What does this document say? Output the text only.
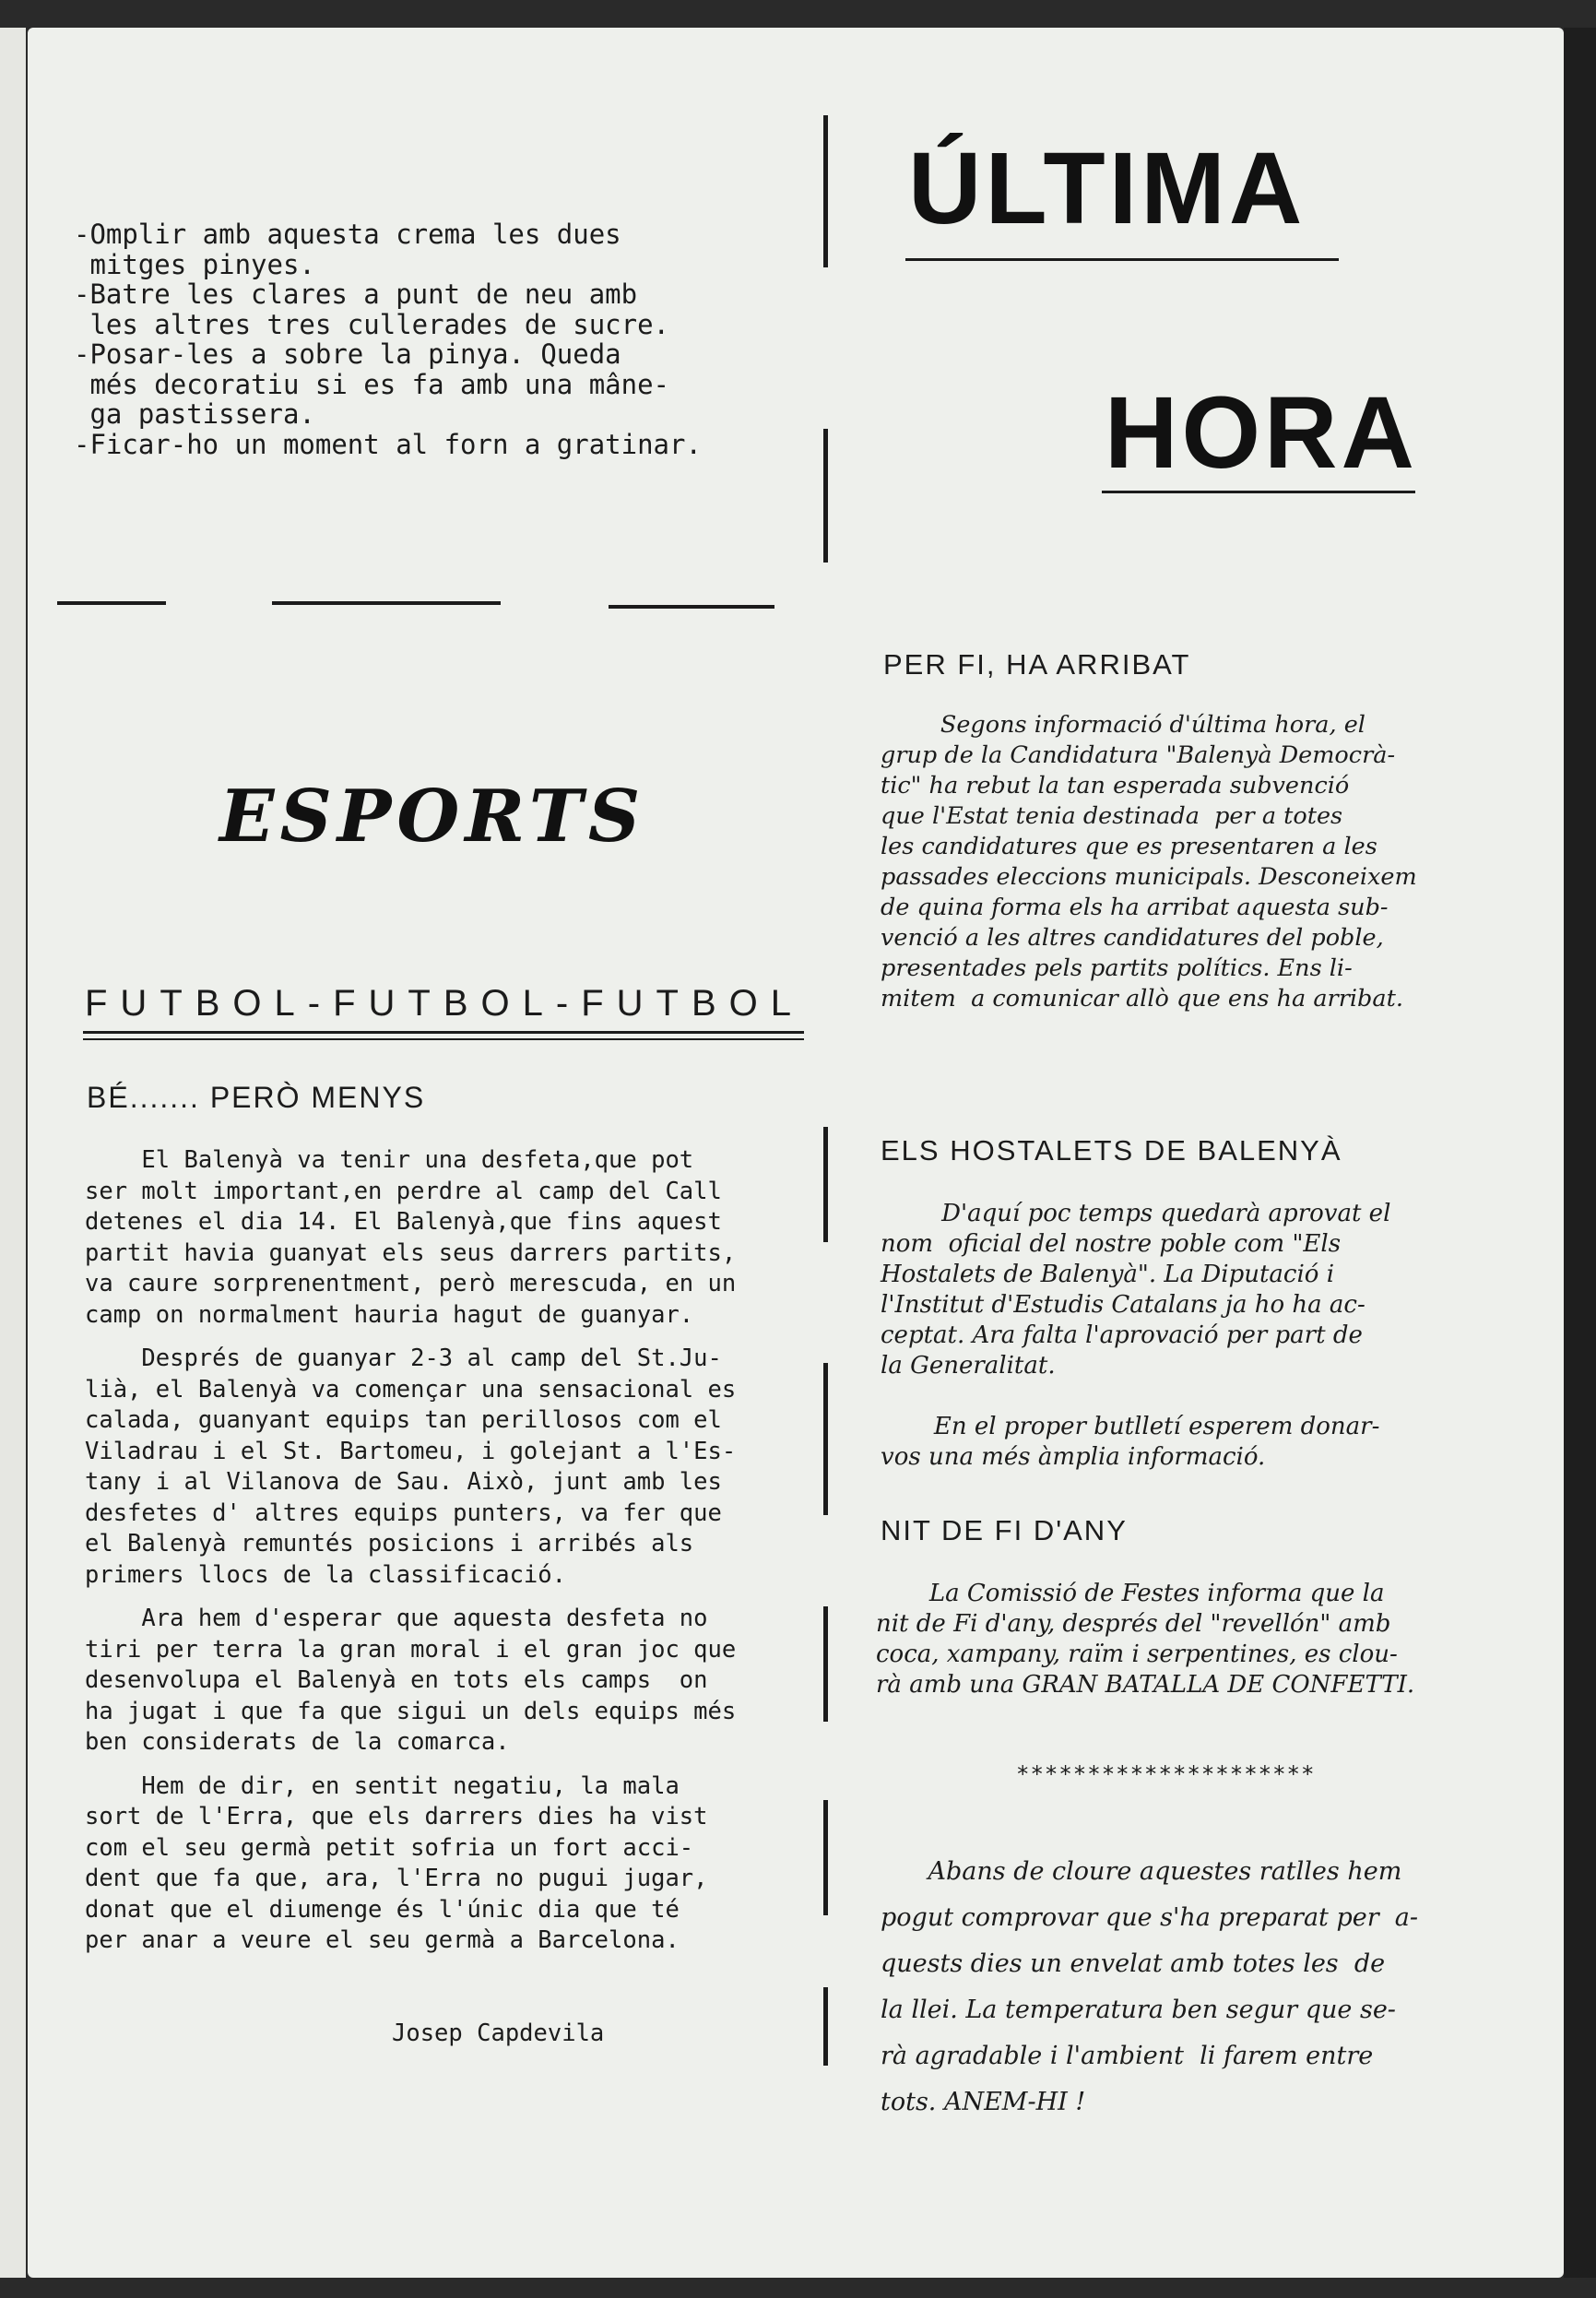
-Omplir amb aquesta crema les dues
mitges pinyes.
-Batre les clares a punt de neu amb
les altres tres cullerades de sucre.
-Posar-les a sobre la pinya. Queda
més decoratiu si es fa amb una mâne-
ga pastissera.
-Ficar-ho un moment al forn a gratinar.
ESPORTS
FUTBOL-FUTBOL-FUTBOL
BÉ....... PERÒ MENYS
El Balenyà va tenir una desfeta,que pot
ser molt important,en perdre al camp del Call
detenes el dia 14. El Balenyà,que fins aquest
partit havia guanyat els seus darrers partits,
va caure sorprenentment, però merescuda, en un
camp on normalment hauria hagut de guanyar.
Després de guanyar 2-3 al camp del St.Ju-
lià, el Balenyà va començar una sensacional es
calada, guanyant equips tan perillosos com el
Viladrau i el St. Bartomeu, i golejant a l'Es-
tany i al Vilanova de Sau. Això, junt amb les
desfetes d' altres equips punters, va fer que
el Balenyà remuntés posicions i arribés als
primers llocs de la classificació.
Ara hem d'esperar que aquesta desfeta no
tiri per terra la gran moral i el gran joc que
desenvolupa el Balenyà en tots els camps  on
ha jugat i que fa que sigui un dels equips més
ben considerats de la comarca.
Hem de dir, en sentit negatiu, la mala
sort de l'Erra, que els darrers dies ha vist
com el seu germà petit sofria un fort acci-
dent que fa que, ara, l'Erra no pugui jugar,
donat que el diumenge és l'únic dia que té
per anar a veure el seu germà a Barcelona.
Josep Capdevila
ÚLTIMA
HORA
PER FI, HA ARRIBAT
Segons informació d'última hora, el
grup de la Candidatura "Balenyà Democrà-
tic" ha rebut la tan esperada subvenció
que l'Estat tenia destinada  per a totes
les candidatures que es presentaren a les
passades eleccions municipals. Desconeixem
de quina forma els ha arribat aquesta sub-
venció a les altres candidatures del poble,
presentades pels partits polítics. Ens li-
mitem  a comunicar allò que ens ha arribat.
ELS HOSTALETS DE BALENYÀ
D'aquí poc temps quedarà aprovat el
nom  oficial del nostre poble com "Els
Hostalets de Balenyà". La Diputació i
l'Institut d'Estudis Catalans ja ho ha ac-
ceptat. Ara falta l'aprovació per part de
la Generalitat.

En el proper butlletí esperem donar-
vos una més àmplia informació.
NIT DE FI D'ANY
La Comissió de Festes informa que la
nit de Fi d'any, després del "revellón" amb
coca, xampany, raïm i serpentines, es clou-
rà amb una GRAN BATALLA DE CONFETTI.
*********************
Abans de cloure aquestes ratlles hem
pogut comprovar que s'ha preparat per  a-
quests dies un envelat amb totes les  de
la llei. La temperatura ben segur que se-
rà agradable i l'ambient  li farem entre
tots. ANEM-HI !
